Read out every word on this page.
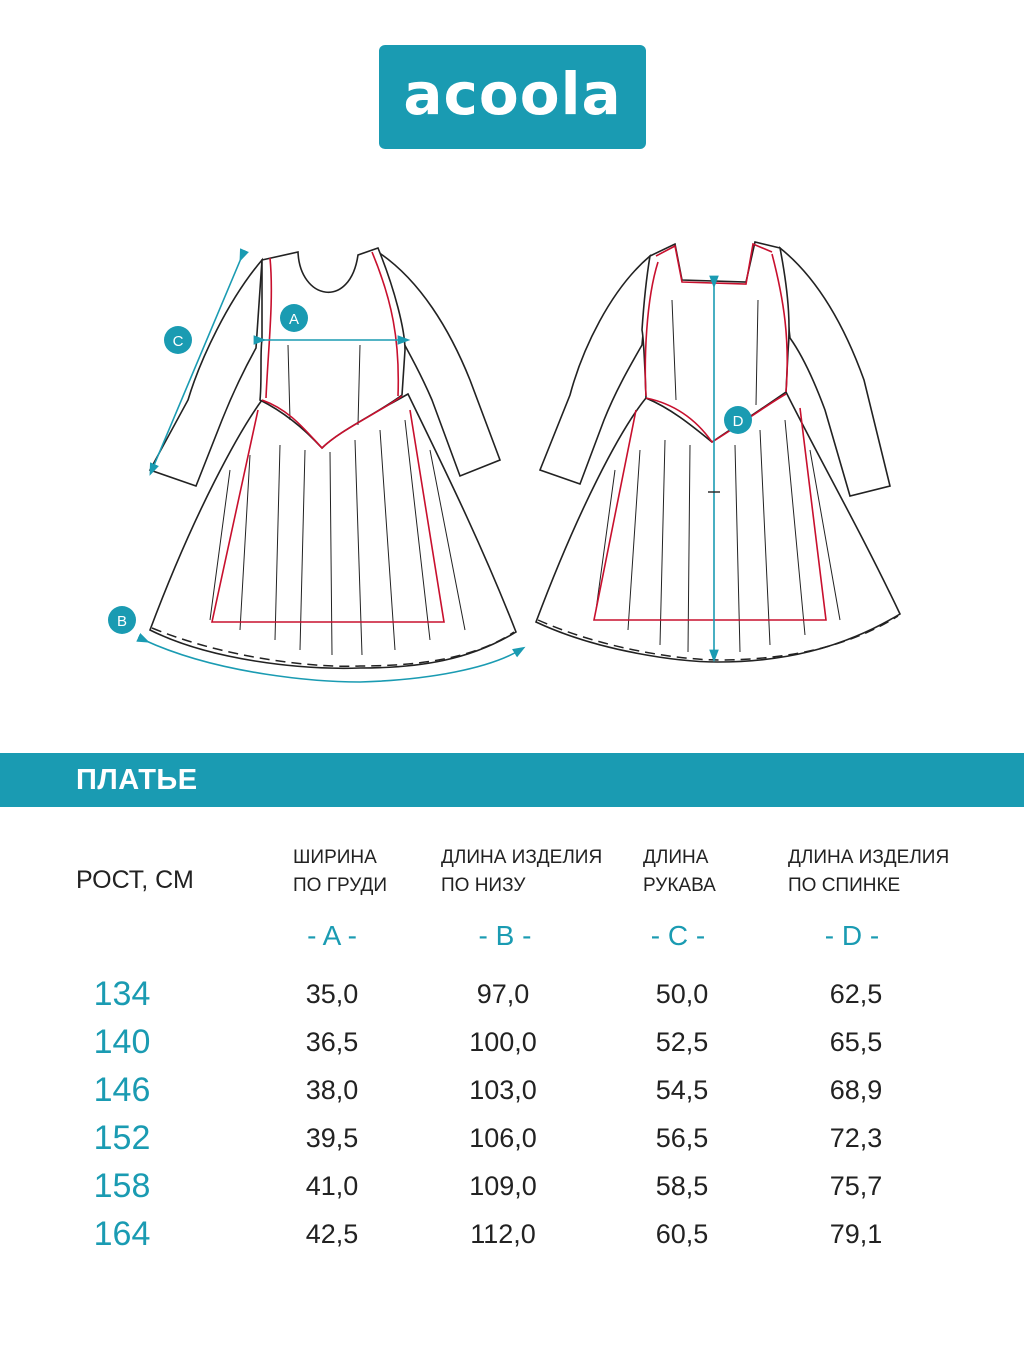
acoola
A
B
C
D
ПЛАТЬЕ
РОСТ, СМ
ШИРИНА
ПО ГРУДИ
ДЛИНА ИЗДЕЛИЯ
ПО НИЗУ
ДЛИНА
РУКАВА
ДЛИНА ИЗДЕЛИЯ
ПО СПИНКЕ
- A -	- B -	- C -	- D -
134	35,0	97,0	50,0	62,5
140	36,5	100,0	52,5	65,5
146	38,0	103,0	54,5	68,9
152	39,5	106,0	56,5	72,3
158	41,0	109,0	58,5	75,7
164	42,5	112,0	60,5	79,1
